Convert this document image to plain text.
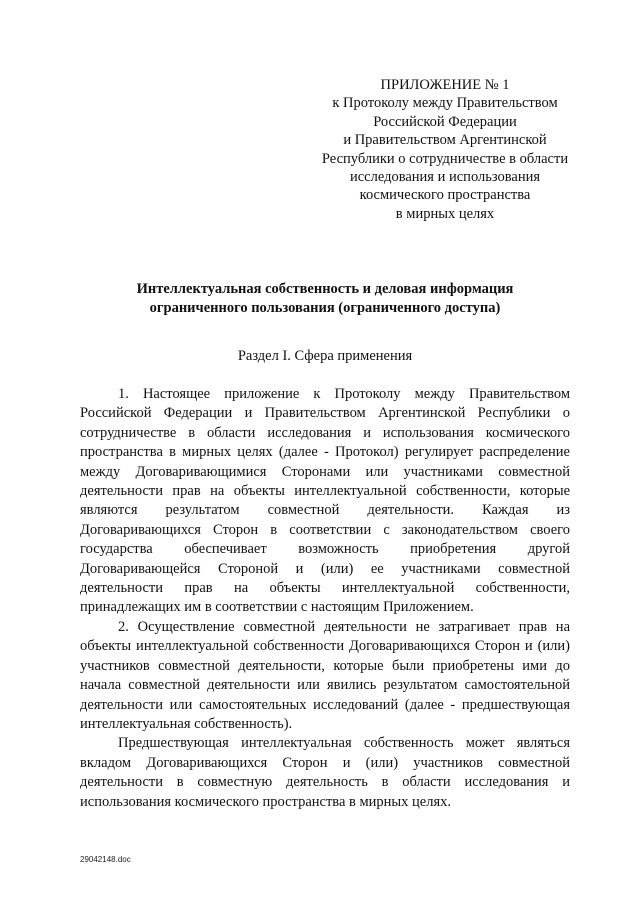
ПРИЛОЖЕНИЕ № 1
к Протоколу между Правительством
Российской Федерации
и Правительством Аргентинской
Республики о сотрудничестве в области
исследования и использования
космического пространства
в мирных целях
Интеллектуальная собственность и деловая информация
ограниченного пользования (ограниченного доступа)
Раздел I. Сфера применения

1. Настоящее приложение к Протоколу между Правительством Российской Федерации и Правительством Аргентинской Республики о сотрудничестве в области исследования и использования космического пространства в мирных целях (далее - Протокол) регулирует распределение между Договаривающимися Сторонами или участниками совместной деятельности прав на объекты интеллектуальной собственности, которые являются результатом совместной деятельности. Каждая из Договаривающихся Сторон в соответствии с законодательством своего государства обеспечивает возможность приобретения другой Договаривающейся Стороной и (или) ее участниками совместной деятельности прав на объекты интеллектуальной собственности, принадлежащих им в соответствии с настоящим Приложением.

2. Осуществление совместной деятельности не затрагивает прав на объекты интеллектуальной собственности Договаривающихся Сторон и (или) участников совместной деятельности, которые были приобретены ими до начала совместной деятельности или явились результатом самостоятельной деятельности или самостоятельных исследований (далее - предшествующая интеллектуальная собственность).

Предшествующая интеллектуальная собственность может являться вкладом Договаривающихся Сторон и (или) участников совместной деятельности в совместную деятельность в области исследования и использования космического пространства в мирных целях.

29042148.doc
